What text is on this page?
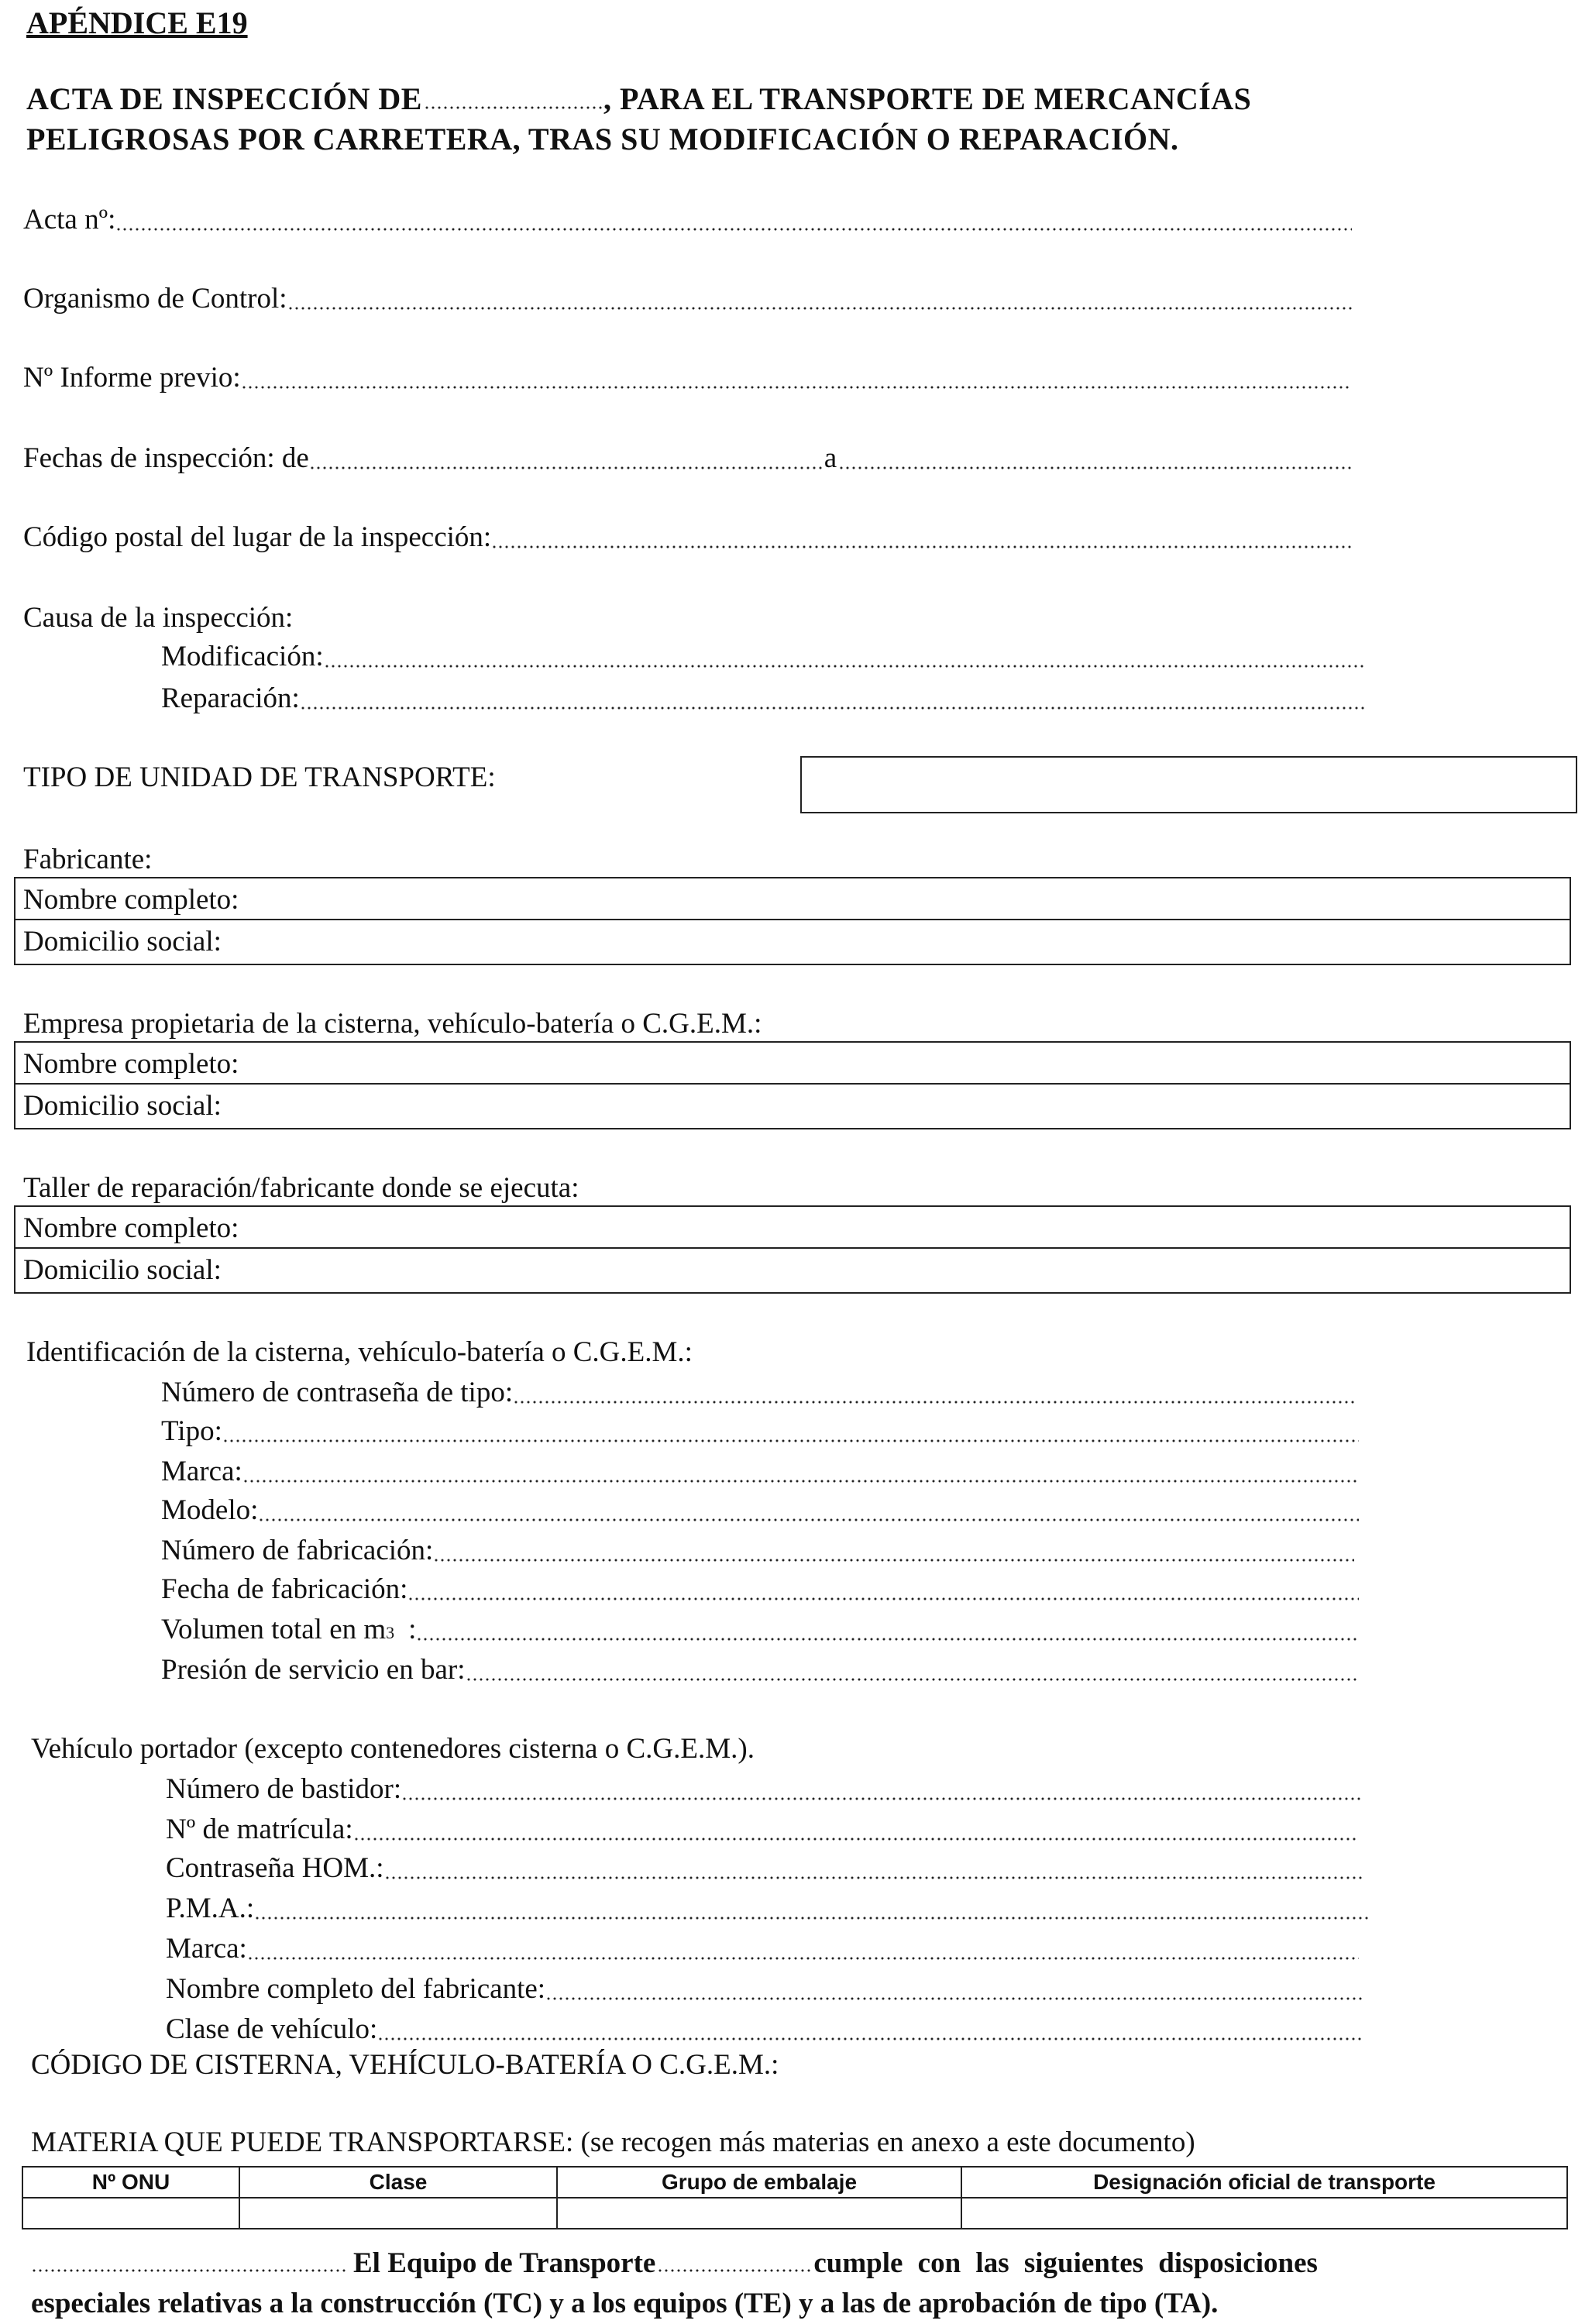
APÉNDICE E19
ACTA DE INSPECCIÓN DE	, PARA EL TRANSPORTE DE MERCANCÍAS
PELIGROSAS POR CARRETERA, TRAS SU MODIFICACIÓN O REPARACIÓN.
Acta nº:
Organismo de Control:
Nº Informe previo:
Fechas de inspección: de	a
Código postal del lugar de la inspección:
Causa de la inspección:
Modificación:
Reparación:
TIPO DE UNIDAD DE TRANSPORTE:
Fabricante:
Nombre completo:
Domicilio social:
Empresa propietaria de la cisterna, vehículo-batería o C.G.E.M.:
Nombre completo:
Domicilio social:
Taller de reparación/fabricante donde se ejecuta:
Nombre completo:
Domicilio social:
Identificación de la cisterna, vehículo-batería o C.G.E.M.:
Número de contraseña de tipo:
Tipo:
Marca:
Modelo:
Número de fabricación:
Fecha de fabricación:
Volumen total en m 3 :
Presión de servicio en bar:
Vehículo portador (excepto contenedores cisterna o C.G.E.M.).
Número de bastidor:
Nº de matrícula:
Contraseña HOM.:
P.M.A.:
Marca:
Nombre completo del fabricante:
Clase de vehículo:
CÓDIGO DE CISTERNA, VEHÍCULO-BATERÍA O C.G.E.M.:
MATERIA QUE PUEDE TRANSPORTARSE: (se recogen más materias en anexo a este documento)
Nº ONU	Clase	Grupo de embalaje	Designación oficial de transporte

El Equipo de Transporte	cumple con las siguientes disposiciones
especiales relativas a la construcción (TC) y a los equipos (TE) y a las de aprobación de tipo (TA).
